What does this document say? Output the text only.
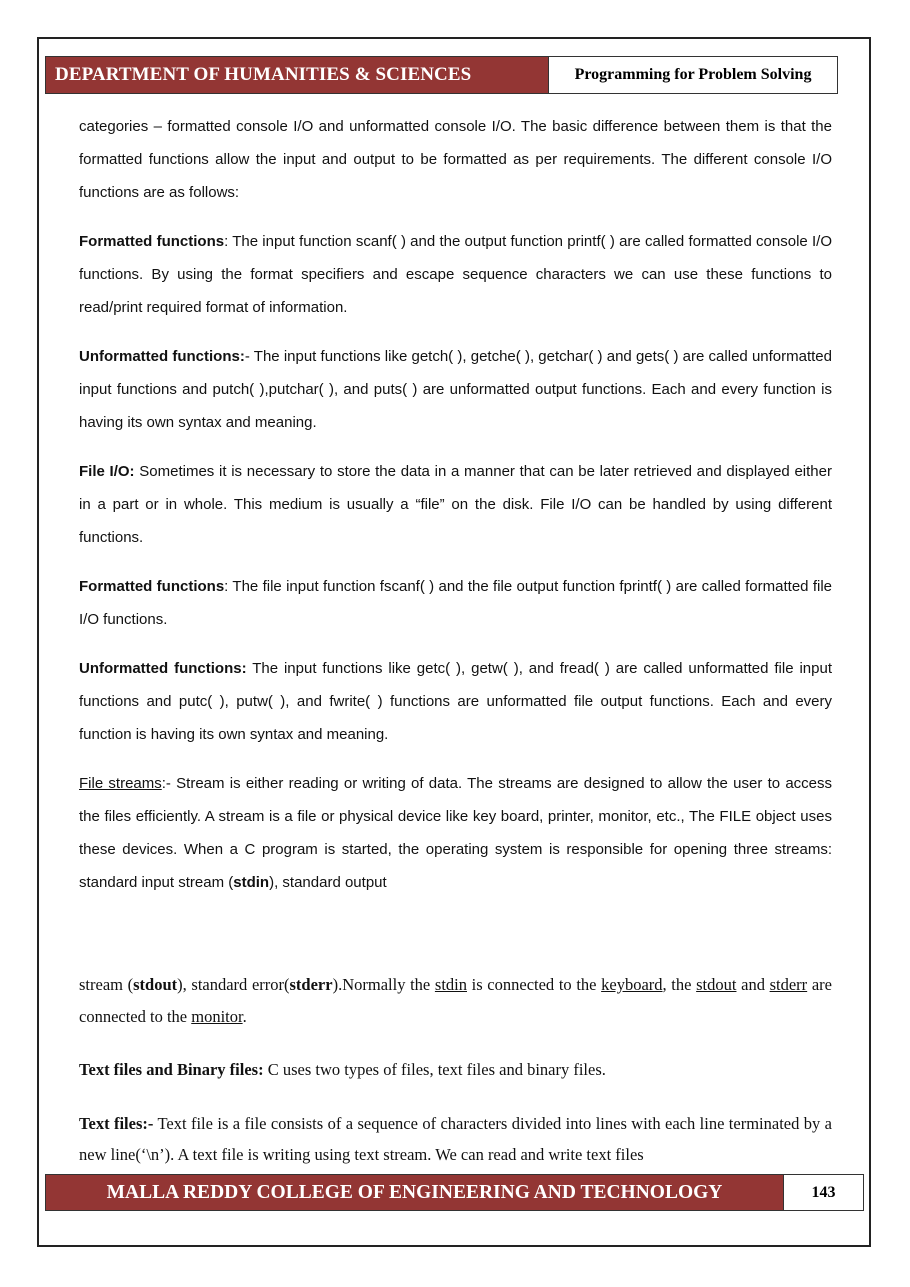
DEPARTMENT OF HUMANITIES & SCIENCES	Programming for Problem Solving

categories – formatted console I/O and unformatted console I/O. The basic difference between them is that the formatted functions allow the input and output to be formatted as per requirements. The different console I/O functions are as follows:

Formatted functions: The input function scanf( ) and the output function printf( ) are called formatted console I/O functions. By using the format specifiers and escape sequence characters we can use these functions to read/print required format of information.

Unformatted functions:- The input functions like getch( ), getche( ), getchar( ) and gets( ) are called unformatted input functions and putch( ),putchar( ), and puts( ) are unformatted output functions. Each and every function is having its own syntax and meaning.

File I/O: Sometimes it is necessary to store the data in a manner that can be later retrieved and displayed either in a part or in whole. This medium is usually a “file” on the disk. File I/O can be handled by using different functions.

Formatted functions: The file input function fscanf( ) and the file output function fprintf( ) are called formatted file I/O functions.

Unformatted functions: The input functions like getc( ), getw( ), and fread( ) are called unformatted file input functions and putc( ), putw( ), and fwrite( ) functions are unformatted file output functions. Each and every function is having its own syntax and meaning.

File streams:- Stream is either reading or writing of data. The streams are designed to allow the user to access the files efficiently. A stream is a file or physical device like key board, printer, monitor, etc., The FILE object uses these devices. When a C program is started, the operating system is responsible for opening three streams: standard input stream (stdin), standard output

stream (stdout), standard error(stderr).Normally the stdin is connected to the keyboard, the stdout and stderr are connected to the monitor.

Text files and Binary files: C uses two types of files, text files and binary files.

Text files:- Text file is a file consists of a sequence of characters divided into lines with each line terminated by a new line(‘\n’). A text file is writing using text stream. We can read and write text files

MALLA REDDY COLLEGE OF ENGINEERING AND TECHNOLOGY	143
